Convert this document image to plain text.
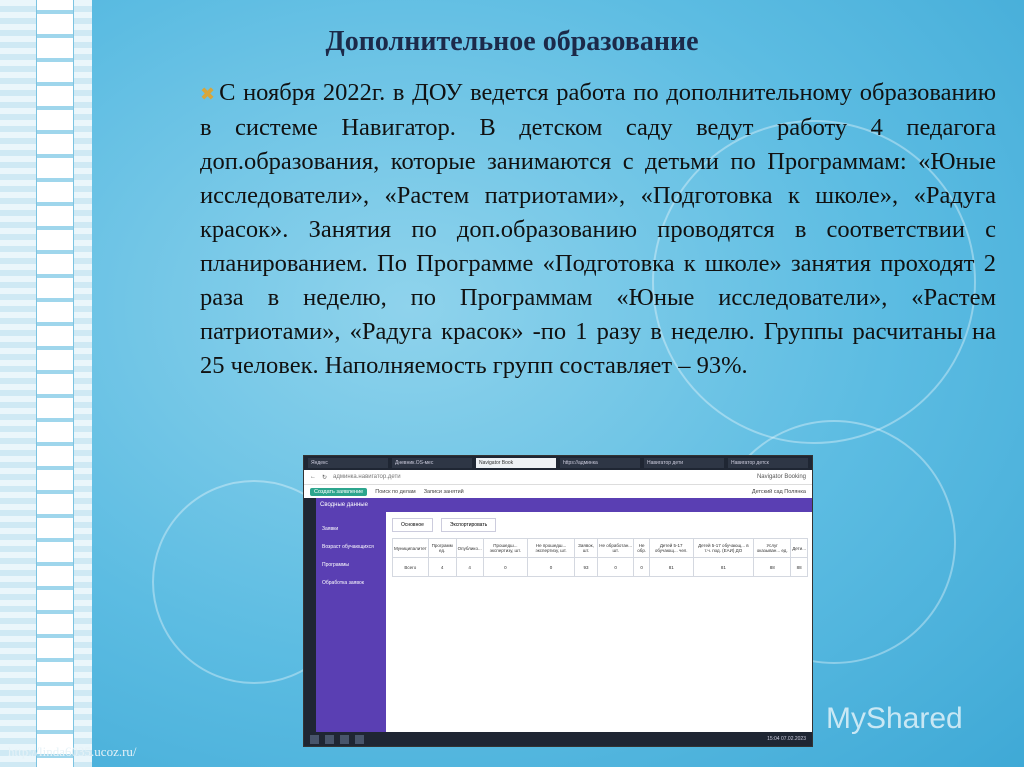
Дополнительное образование
✖ С ноября 2022г. в ДОУ ведется работа по дополнительному образованию в системе Навигатор. В детском саду ведут работу 4 педагога доп.образования, которые занимаются с детьми по Программам: «Юные исследователи», «Растем патриотами», «Подготовка к школе», «Радуга красок». Занятия по доп.образованию проводятся в соответствии с планированием. По Программе «Подготовка к школе» занятия проходят 2 раза в неделю, по Программам «Юные исследователи», «Растем патриотами», «Радуга красок» -по 1 разу в неделю. Группы расчитаны на 25 человек. Наполняемость групп составляет – 93%.
Яндекс	Дневник.OS-мес	Navigator Book	https://админка	Навигатор дети	Навигатор детск
← ↻ админка.навигатор.дети	Navigator Booking
Создать заявление	Поиск по делам Записи занятий	Детский сад Полянка
Заявки
Возраст обучающихся
Программы
Обработка заявок
Сводные данные
Основное	Экспортировать
Муниципалитет	Программ ед.	Опублико...	Прошедш... экспертизу, шт.	Не прошедш... экспертизу, шт.	Заявок, шт.	Не обработан... шт.	Не обр.	Детей 5-17 обучающ... чел.	Детей 5-17 обучающ... в т.ч. под. (ЕАИ) ДО	Услуг оказыван... ед.	Дети...
Всего	4	4	0	0	93	0	0	81	81	88	88
15:04 07.02.2023
MyShared
http://linda6035.ucoz.ru/
